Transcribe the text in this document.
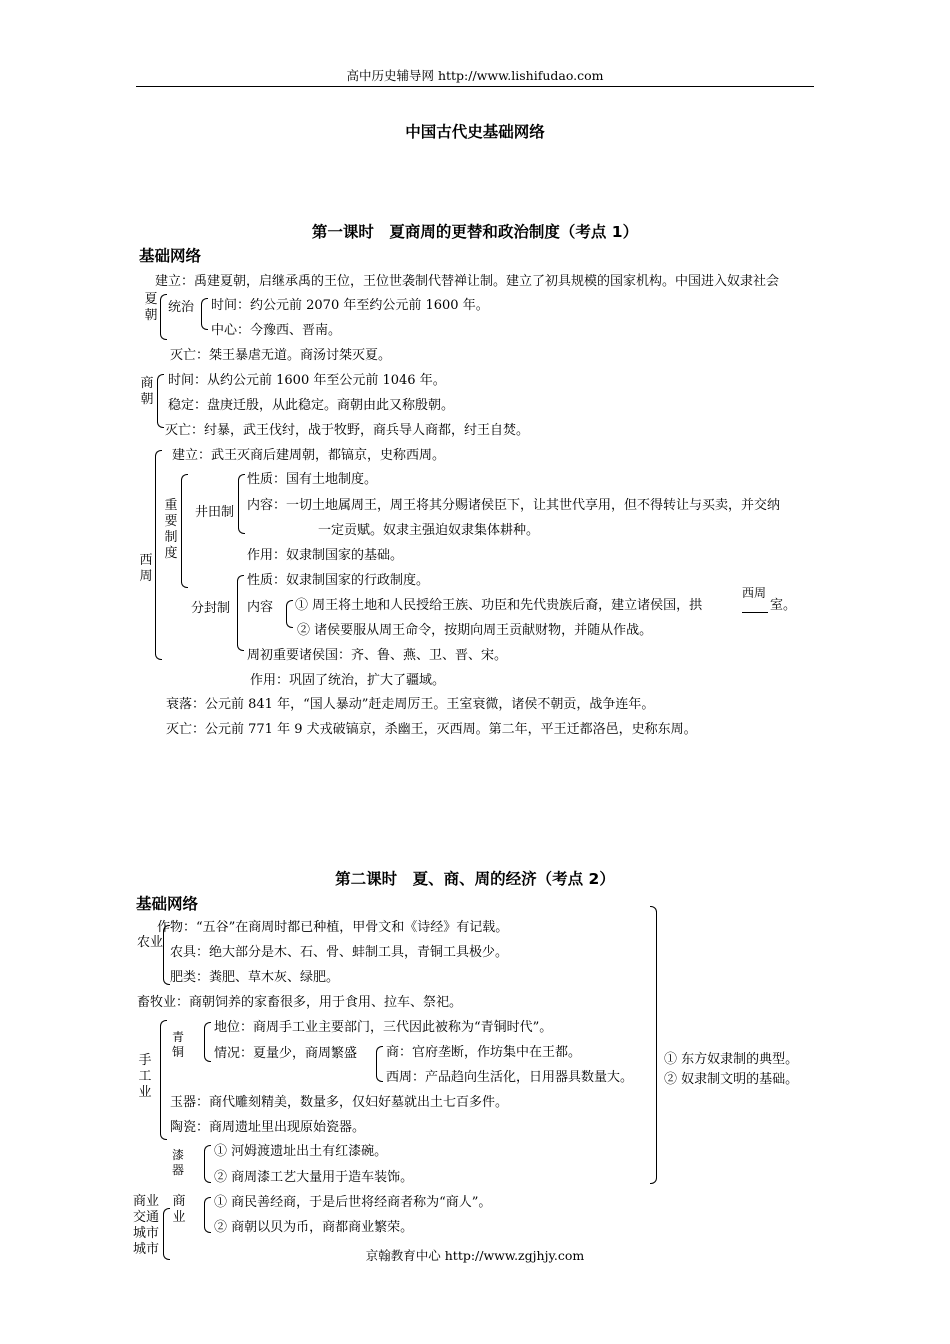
高中历史辅导网 http://www.lishifudao.com
中国古代史基础网络
第一课时　夏商周的更替和政治制度（考点 1）
基础网络
建立：禹建夏朝，启继承禹的王位，王位世袭制代替禅让制。建立了初具规模的国家机构。中国进入奴隶社会
夏朝
统治 时间：约公元前 2070 年至约公元前 1600 年。
中心：今豫西、晋南。
灭亡：桀王暴虐无道。商汤讨桀灭夏。
商朝
时间：从约公元前 1600 年至公元前 1046 年。
稳定：盘庚迁殷，从此稳定。商朝由此又称殷朝。
灭亡：纣暴，武王伐纣，战于牧野，商兵导人商都，纣王自焚。
西周
建立：武王灭商后建周朝，都镐京，史称西周。
重要制度
井田制
性质：国有土地制度。
内容：一切土地属周王，周王将其分赐诸侯臣下，让其世代享用，但不得转让与买卖，并交纳
一定贡赋。奴隶主强迫奴隶集体耕种。
作用：奴隶制国家的基础。
分封制
性质：奴隶制国家的行政制度。
内容 ① 周王将土地和人民授给王族、功臣和先代贵族后裔，建立诸侯国，拱
西周
室。
② 诸侯要服从周王命令，按期向周王贡献财物，并随从作战。
周初重要诸侯国：齐、鲁、燕、卫、晋、宋。
作用：巩固了统治，扩大了疆域。
衰落：公元前 841 年，“国人暴动”赶走周厉王。王室衰微，诸侯不朝贡，战争连年。
灭亡：公元前 771 年 9 犬戎破镐京，杀幽王，灭西周。第二年，平王迁都洛邑，史称东周。
第二课时　夏、商、周的经济（考点 2）
基础网络
农业
作物：“五谷”在商周时都已种植，甲骨文和《诗经》有记载。
农具：绝大部分是木、石、骨、蚌制工具，青铜工具极少。
肥类：粪肥、草木灰、绿肥。
畜牧业：商朝饲养的家畜很多，用于食用、拉车、祭祀。
手工业
青铜
地位：商周手工业主要部门，三代因此被称为“青铜时代”。
情况：夏量少，商周繁盛 商：官府垄断，作坊集中在王都。
西周：产品趋向生活化，日用器具数量大。
玉器：商代雕刻精美，数量多，仅妇好墓就出土七百多件。
陶瓷：商周遗址里出现原始瓷器。
漆器
① 河姆渡遗址出土有红漆碗。
② 商周漆工艺大量用于造车装饰。
① 东方奴隶制的典型。
② 奴隶制文明的基础。
商业交通城市城市
商业
① 商民善经商，于是后世将经商者称为“商人”。
② 商朝以贝为币，商都商业繁荣。
京翰教育中心 http://www.zgjhjy.com
